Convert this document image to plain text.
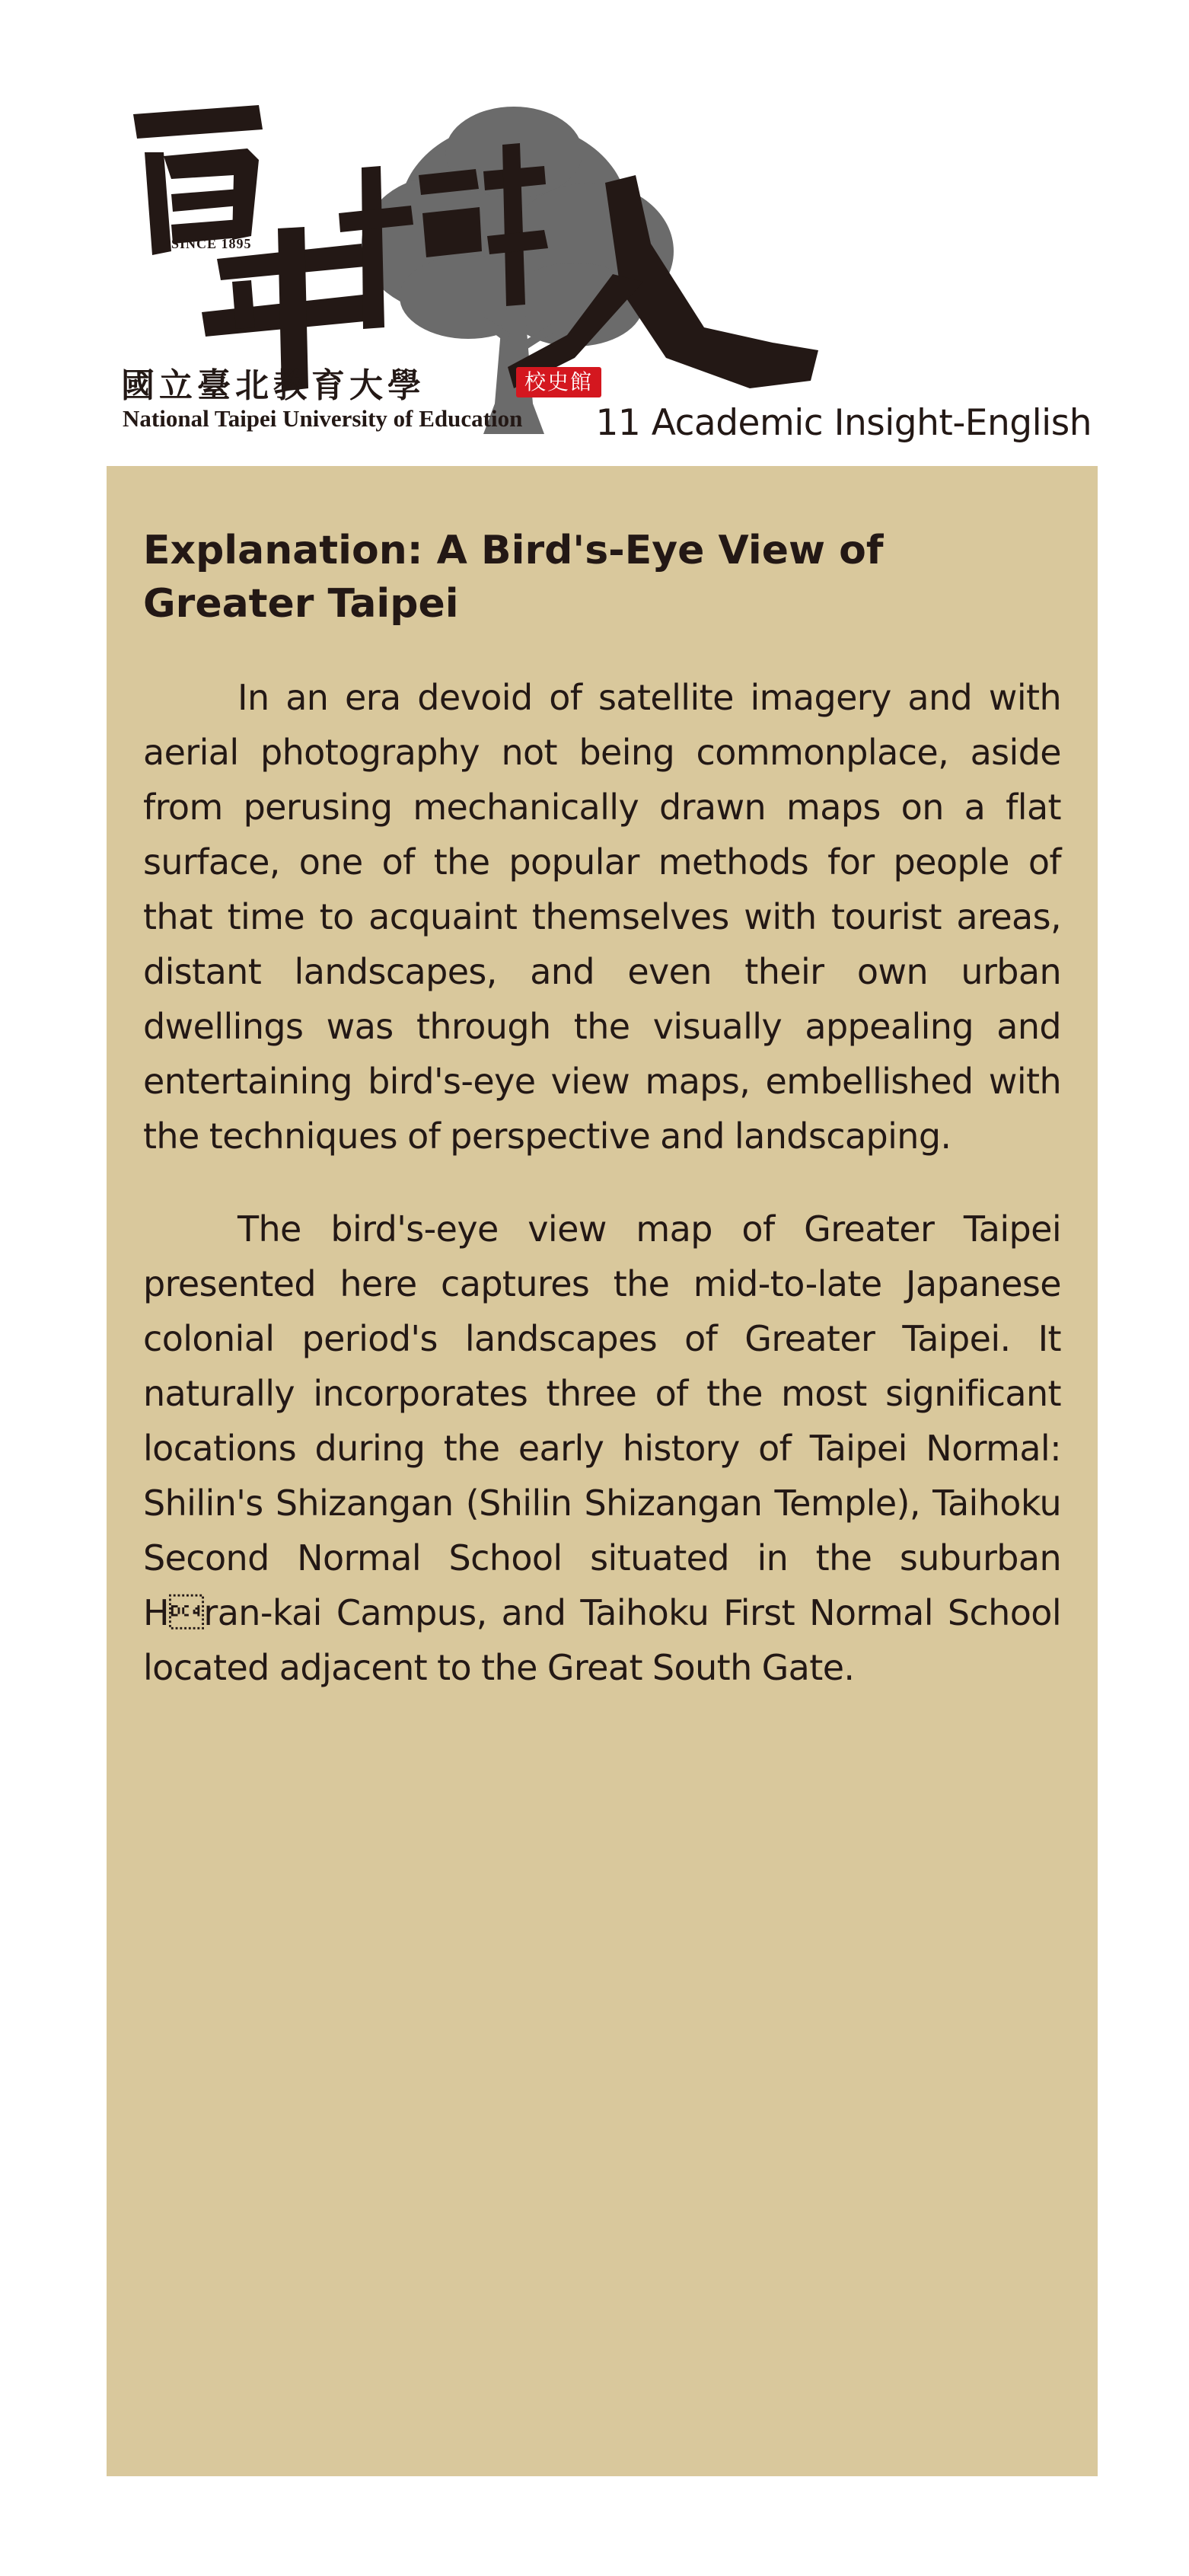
SINCE 1895
國立臺北教育大學
National Taipei University of Education
校史館
11 Academic Insight-English
Explanation: A Bird's-Eye View of Greater Taipei

In an era devoid of satellite imagery and with aerial photography not being commonplace, aside from perusing mechanically drawn maps on a flat surface, one of the popular methods for people of that time to acquaint themselves with tourist areas, distant landscapes, and even their own urban dwellings was through the visually appealing and entertaining bird's-eye view maps, embellished with the techniques of perspective and landscaping.

The bird's-eye view map of Greater Taipei presented here captures the mid-to-late Japanese colonial period's landscapes of Greater Taipei. It naturally incorporates three of the most significant locations during the early history of Taipei Normal: Shilin's Shizangan (Shilin Shizangan Temple), Taihoku Second Normal School situated in the suburban Hran-kai Campus, and Taihoku First Normal School located adjacent to the Great South Gate.
